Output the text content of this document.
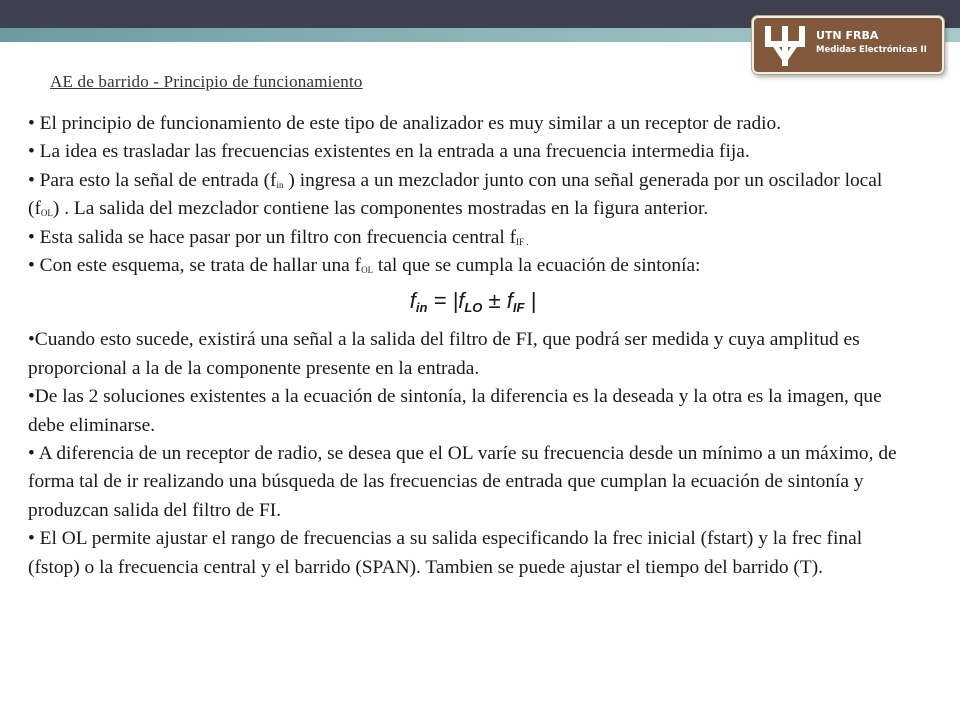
UTN FRBA
Medidas Electrónicas II
AE de barrido - Principio de funcionamiento

• El principio de funcionamiento de este tipo de analizador es muy similar a un receptor de radio.

• La idea es trasladar las frecuencias existentes en la entrada a una frecuencia intermedia fija.

• Para esto la señal de entrada ($f_{in}$ ) ingresa a un mezclador junto con una señal generada por un oscilador local $(f_{OL})$ . La salida del mezclador contiene las componentes mostradas en la figura anterior.

• Esta salida se hace pasar por un filtro con frecuencia central $f_{IF .}$

• Con este esquema, se trata de hallar una $f_{OL}$ tal que se cumpla la ecuación de sintonía:

$f_{in} = |f_{LO} \pm f_{IF}$ |

•Cuando esto sucede, existirá una señal a la salida del filtro de FI, que podrá ser medida y cuya amplitud es proporcional a la de la componente presente en la entrada.

•De las 2 soluciones existentes a la ecuación de sintonía, la diferencia es la deseada y la otra es la imagen, que debe eliminarse.

• A diferencia de un receptor de radio, se desea que el OL varíe su frecuencia desde un mínimo a un máximo, de forma tal de ir realizando una búsqueda de las frecuencias de entrada que cumplan la ecuación de sintonía y produzcan salida del filtro de FI.

• El OL permite ajustar el rango de frecuencias a su salida especificando la frec inicial (fstart) y la frec final (fstop) o la frecuencia central y el barrido (SPAN). Tambien se puede ajustar el tiempo del barrido (T).
